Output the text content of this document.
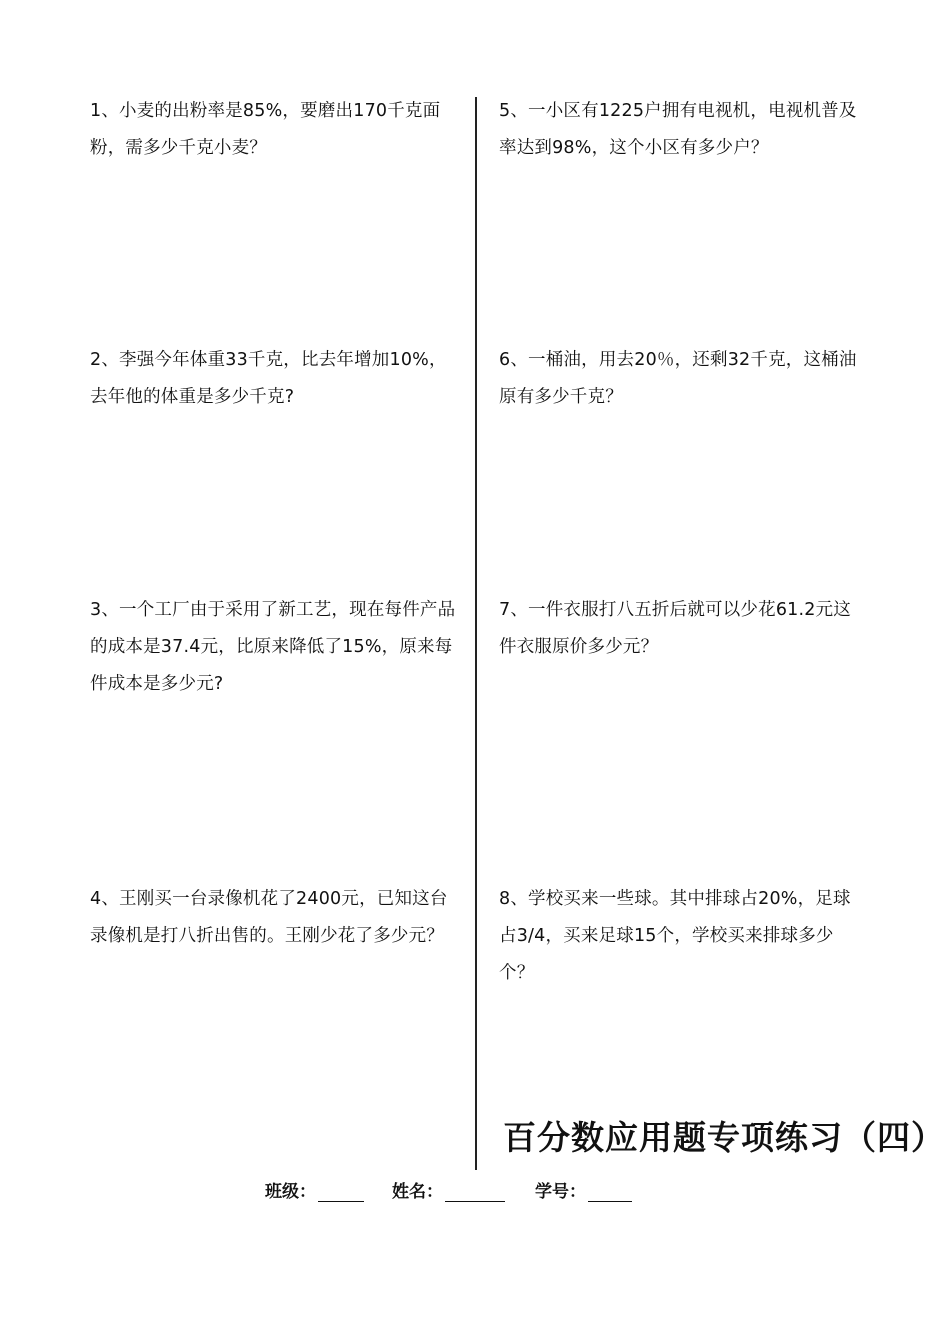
1、小麦的出粉率是85%，要磨出170千克面粉，需多少千克小麦？
2、李强今年体重33千克，比去年增加10%，去年他的体重是多少千克?
3、一个工厂由于采用了新工艺，现在每件产品的成本是37.4元，比原来降低了15%，原来每件成本是多少元?
4、王刚买一台录像机花了2400元，已知这台录像机是打八折出售的。王刚少花了多少元？
5、一小区有1225户拥有电视机，电视机普及率达到98%，这个小区有多少户？
6、一桶油，用去20％，还剩32千克，这桶油原有多少千克？
7、一件衣服打八五折后就可以少花61.2元这件衣服原价多少元？
8、学校买来一些球。其中排球占20%，足球占3/4，买来足球15个，学校买来排球多少个？
百分数应用题专项练习（四）
班级：	姓名：	学号：
